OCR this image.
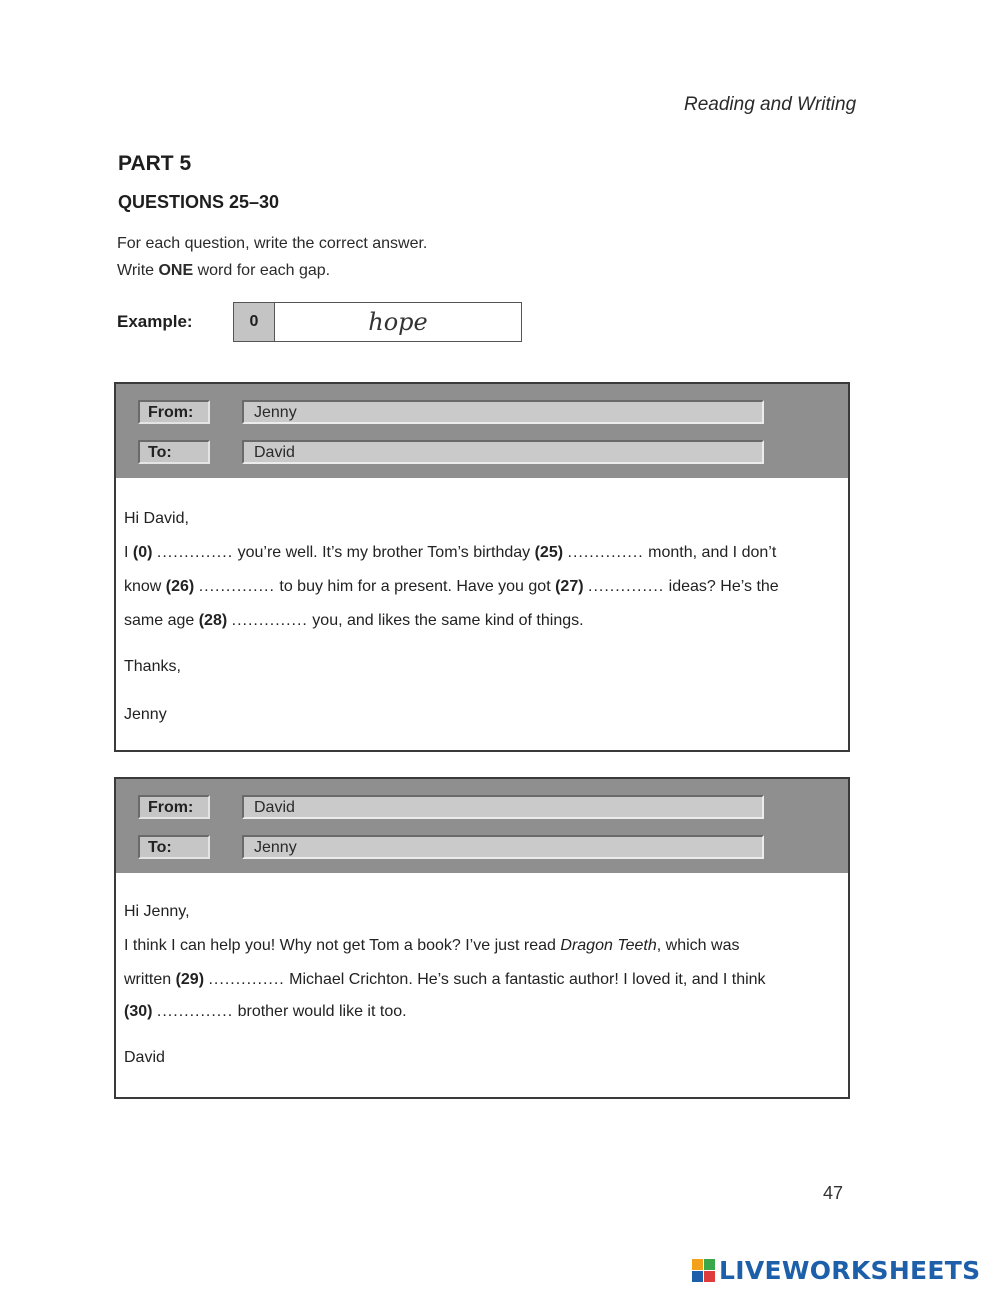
Reading and Writing
PART 5
QUESTIONS 25–30
For each question, write the correct answer.
Write ONE word for each gap.
Example:	0	hope
From:	Jenny
To:	David
Hi David,
I (0) .............. you’re well. It’s my brother Tom’s birthday (25) .............. month, and I don’t
know (26) .............. to buy him for a present. Have you got (27) .............. ideas? He’s the
same age (28) .............. you, and likes the same kind of things.
Thanks,
Jenny
From:	David
To:	Jenny
Hi Jenny,
I think I can help you! Why not get Tom a book? I’ve just read Dragon Teeth, which was
written (29) .............. Michael Crichton. He’s such a fantastic author! I loved it, and I think
(30) .............. brother would like it too.
David
47
LIVEWORKSHEETS
